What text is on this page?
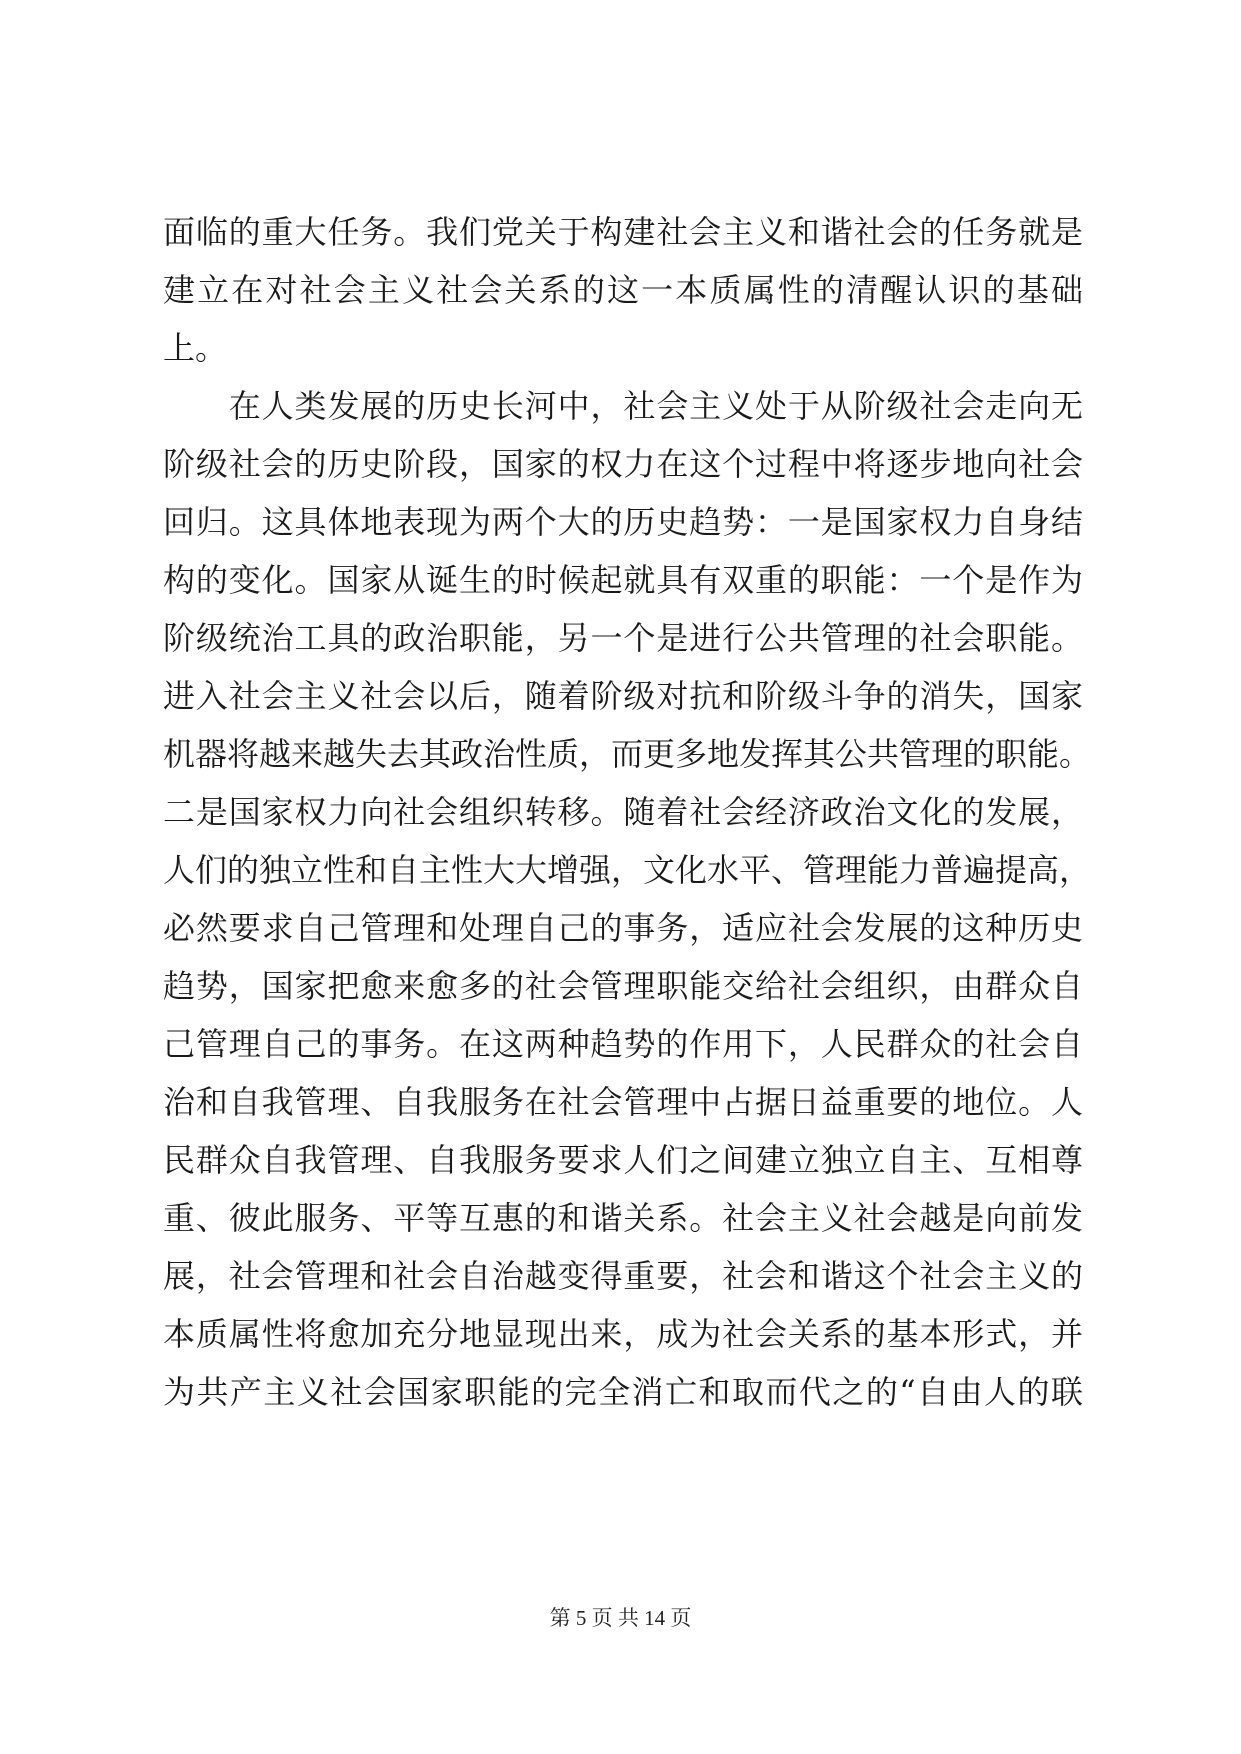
面临的重大任务。我们党关于构建社会主义和谐社会的任务就是
建立在对社会主义社会关系的这一本质属性的清醒认识的基础
上。
　　在人类发展的历史长河中，社会主义处于从阶级社会走向无
阶级社会的历史阶段，国家的权力在这个过程中将逐步地向社会
回归。这具体地表现为两个大的历史趋势：一是国家权力自身结
构的变化。国家从诞生的时候起就具有双重的职能：一个是作为
阶级统治工具的政治职能，另一个是进行公共管理的社会职能。
进入社会主义社会以后，随着阶级对抗和阶级斗争的消失，国家
机器将越来越失去其政治性质，而更多地发挥其公共管理的职能。
二是国家权力向社会组织转移。随着社会经济政治文化的发展，
人们的独立性和自主性大大增强，文化水平、管理能力普遍提高，
必然要求自己管理和处理自己的事务，适应社会发展的这种历史
趋势，国家把愈来愈多的社会管理职能交给社会组织，由群众自
己管理自己的事务。在这两种趋势的作用下，人民群众的社会自
治和自我管理、自我服务在社会管理中占据日益重要的地位。人
民群众自我管理、自我服务要求人们之间建立独立自主、互相尊
重、彼此服务、平等互惠的和谐关系。社会主义社会越是向前发
展，社会管理和社会自治越变得重要，社会和谐这个社会主义的
本质属性将愈加充分地显现出来，成为社会关系的基本形式，并
为共产主义社会国家职能的完全消亡和取而代之的“自由人的联
第 5 页 共 14 页
